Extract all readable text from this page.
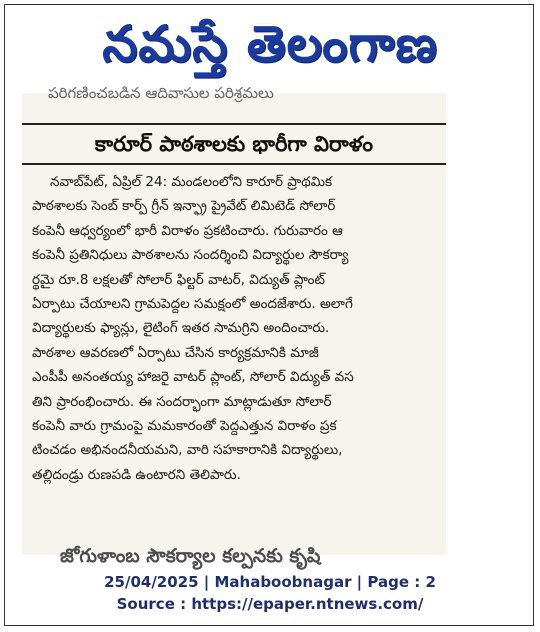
నమస్తే తెలంగాణ
పరిగణించబడిన ఆదివాసుల పరిశ్రమలు
కారూర్ పాఠశాలకు భారీగా విరాళం
నవాబ్‌పేట్, ఏప్రిల్ 24: మండలంలోని కారూర్ ప్రాథమిక
పాఠశాలకు సెంబ్ కార్ప్ గ్రీన్ ఇన్ఫ్రా ప్రైవేట్ లిమిటెడ్ సోలార్
కంపెనీ ఆధ్వర్యంలో భారీ విరాళం ప్రకటించారు. గురువారం ఆ
కంపెనీ ప్రతినిధులు పాఠశాలను సందర్శించి విద్యార్థుల సౌకర్యా
ర్థమై రూ.8 లక్షలతో సోలార్ ఫిల్టర్ వాటర్, విద్యుత్ ప్లాంట్
ఏర్పాటు చేయాలని గ్రామపెద్దల సమక్షంలో అందజేశారు. అలాగే
విద్యార్థులకు ఫ్యాన్లు, లైటింగ్ ఇతర సామగ్రిని అందించారు.
పాఠశాల ఆవరణలో ఏర్పాటు చేసిన కార్యక్రమానికి మాజీ
ఎంపీపీ అనంతయ్య హాజరై వాటర్ ప్లాంట్, సోలార్ విద్యుత్ వస
తిని ప్రారంభించారు. ఈ సందర్భాంగా మాట్లాడుతూ సోలార్
కంపెనీ వారు గ్రామంపై మమకారంతో పెద్దఎత్తున విరాళం ప్రక
టించడం అభినందనీయమని, వారి సహకారానికి విద్యార్థులు,
తల్లిదండ్రు రుణపడి ఉంటారని తెలిపారు.
జోగుళాంబ సౌకర్యాల కల్పనకు కృషి
25/04/2025 | Mahaboobnagar | Page : 2
Source : https://epaper.ntnews.com/
